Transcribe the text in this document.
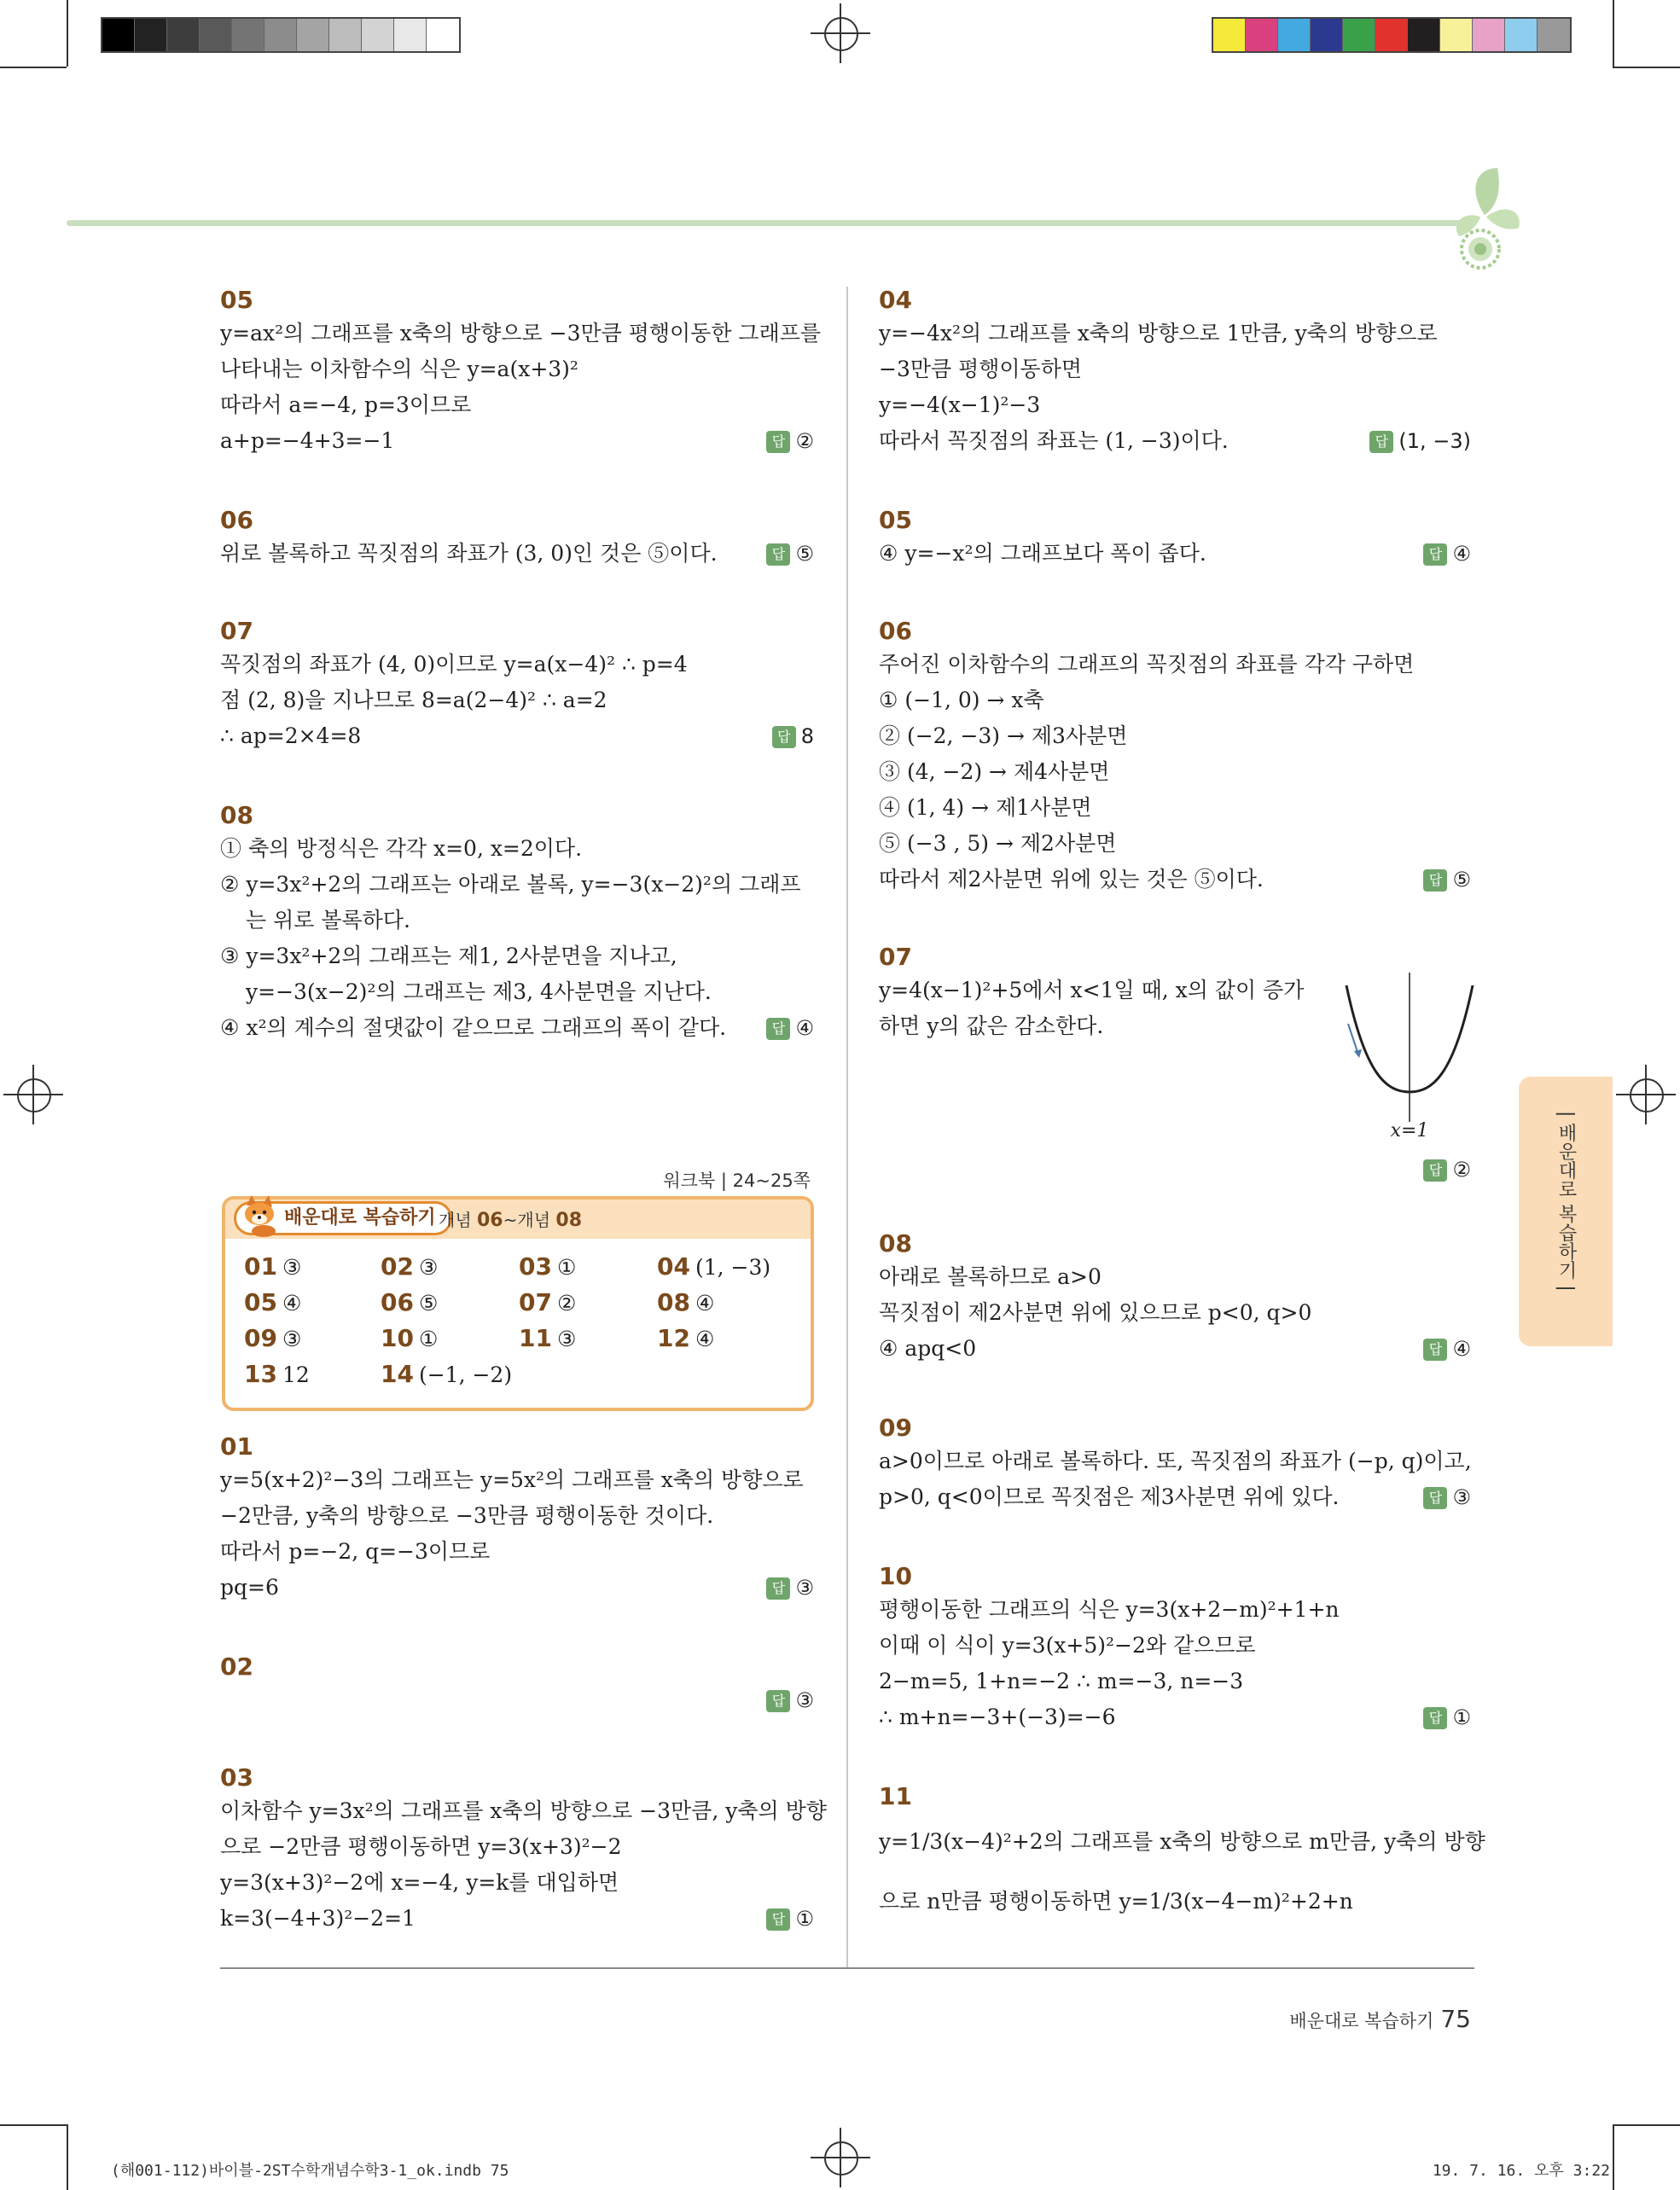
05
y=ax²의 그래프를 x축의 방향으로 −3만큼 평행이동한 그래프를
나타내는 이차함수의 식은 y=a(x+3)²
따라서 a=−4, p=3이므로
a+p=−4+3=−1	답 ②
06
위로 볼록하고 꼭짓점의 좌표가 (3, 0)인 것은 ⑤이다.	답 ⑤
07
꼭짓점의 좌표가 (4, 0)이므로 y=a(x−4)² ∴ p=4
점 (2, 8)을 지나므로 8=a(2−4)² ∴ a=2
∴ ap=2×4=8	답 8
08
① 축의 방정식은 각각 x=0, x=2이다.
② y=3x²+2의 그래프는 아래로 볼록, y=−3(x−2)²의 그래프
는 위로 볼록하다.
③ y=3x²+2의 그래프는 제1, 2사분면을 지나고,
y=−3(x−2)²의 그래프는 제3, 4사분면을 지난다.
④ x²의 계수의 절댓값이 같으므로 그래프의 폭이 같다.	답 ④
워크북 | 24~25쪽
배운대로 복습하기 개념 06~개념 08
01 ③	02 ③	03 ①	04 (1, −3)
05 ④	06 ⑤	07 ②	08 ④
09 ③	10 ①	11 ③	12 ④
13 12	14 (−1, −2)
01
y=5(x+2)²−3의 그래프는 y=5x²의 그래프를 x축의 방향으로
−2만큼, y축의 방향으로 −3만큼 평행이동한 것이다.
따라서 p=−2, q=−3이므로
pq=6	답 ③
02
답 ③
03
이차함수 y=3x²의 그래프를 x축의 방향으로 −3만큼, y축의 방향
으로 −2만큼 평행이동하면 y=3(x+3)²−2
y=3(x+3)²−2에 x=−4, y=k를 대입하면
k=3(−4+3)²−2=1	답 ①
04
y=−4x²의 그래프를 x축의 방향으로 1만큼, y축의 방향으로
−3만큼 평행이동하면
y=−4(x−1)²−3
따라서 꼭짓점의 좌표는 (1, −3)이다.	답 (1, −3)
05
④ y=−x²의 그래프보다 폭이 좁다.	답 ④
06
주어진 이차함수의 그래프의 꼭짓점의 좌표를 각각 구하면
① (−1, 0) → x축
② (−2, −3) → 제3사분면
③ (4, −2) → 제4사분면
④ (1, 4) → 제1사분면
⑤ (−3 , 5) → 제2사분면
따라서 제2사분면 위에 있는 것은 ⑤이다.	답 ⑤
07
y=4(x−1)²+5에서 x<1일 때, x의 값이 증가
하면 y의 값은 감소한다.
답 ②
x=1
08
아래로 볼록하므로 a>0
꼭짓점이 제2사분면 위에 있으므로 p<0, q>0
④ apq<0	답 ④
09
a>0이므로 아래로 볼록하다. 또, 꼭짓점의 좌표가 (−p, q)이고,
p>0, q<0이므로 꼭짓점은 제3사분면 위에 있다.	답 ③
10
평행이동한 그래프의 식은 y=3(x+2−m)²+1+n
이때 이 식이 y=3(x+5)²−2와 같으므로
2−m=5, 1+n=−2 ∴ m=−3, n=−3
∴ m+n=−3+(−3)=−6	답 ①
11
y=1/3(x−4)²+2의 그래프를 x축의 방향으로 m만큼, y축의 방향
으로 n만큼 평행이동하면 y=1/3(x−4−m)²+2+n
| 배운대로 복습하기 |
배운대로 복습하기 75
(해001-112)바이블-2ST수학개념수학3-1_ok.indb 75	19. 7. 16. 오후 3:22
